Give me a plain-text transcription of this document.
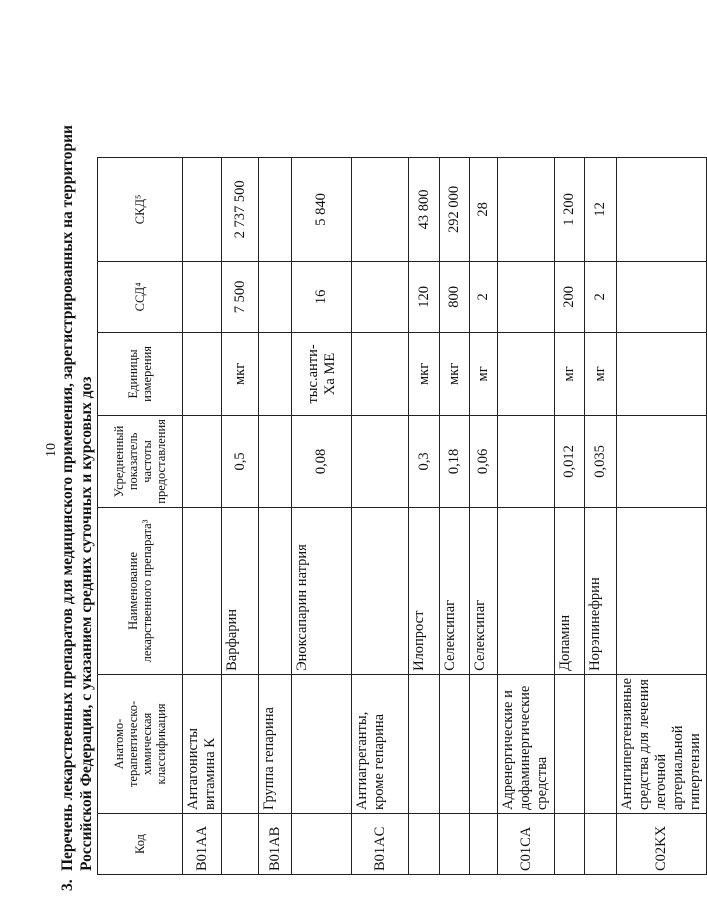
10
3.Перечень лекарственных препаратов для медицинского применения, зарегистрированных на территории Российской Федерации, с указанием средних суточных и курсовых доз	Код	Анатомо-терапевтическо-химическая классификация	Наименование лекарственного препарата³	Усредненный показатель частоты предоставления	Единицы измерения	ССД⁴	СКД⁵
B01AA	Антагонисты витамина К					
		Варфарин	0,5	мкг	7 500	2 737 500
B01AB	Группа гепарина					
		Эноксапарин натрия	0,08	тыс.анти-Ха МЕ	16	5 840
B01AC	Антиагреганты, кроме гепарина					
		Илопрост	0,3	мкг	120	43 800
		Селексипаг	0,18	мкг	800	292 000
		Селексипаг	0,06	мг	2	28
C01CA	Адренергические и дофаминергические средства					
		Допамин	0,012	мг	200	1 200
		Норэпинефрин	0,035	мг	2	12
C02KX	Антигипертензивные средства для лечения легочной артериальной гипертензии					
